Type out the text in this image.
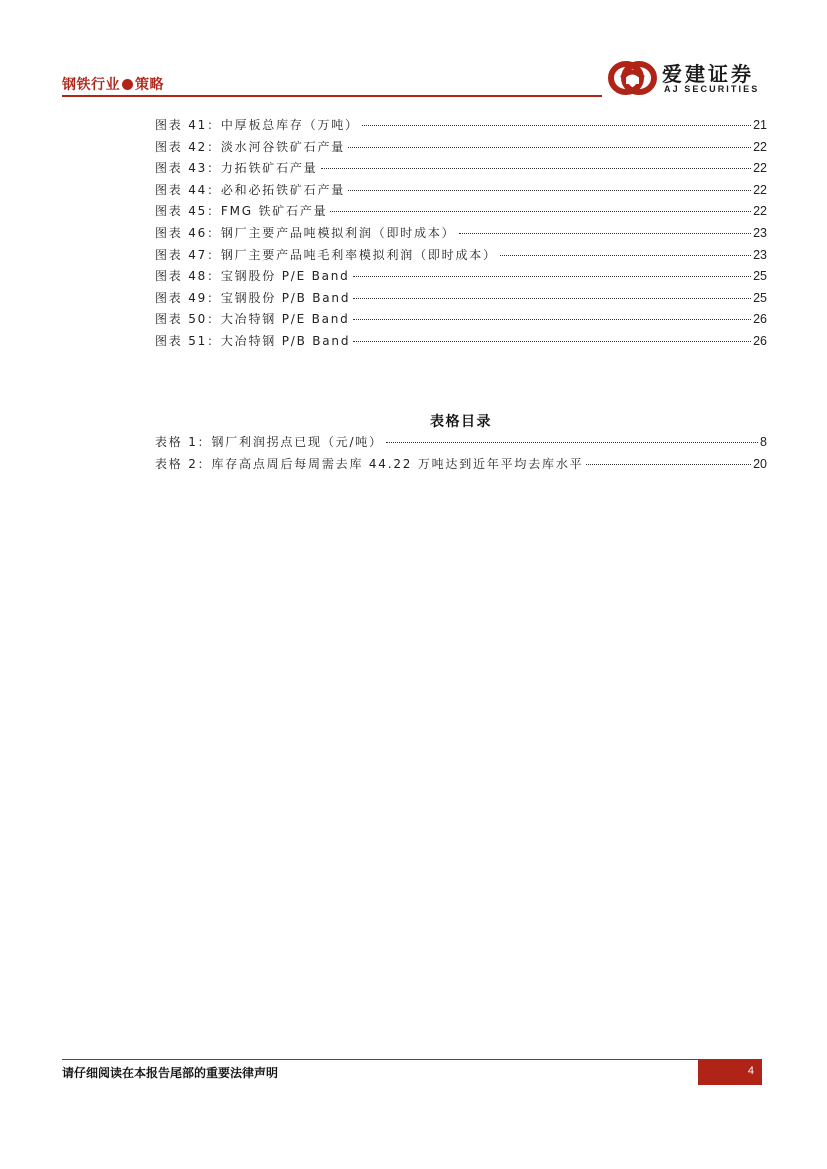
钢铁行业 策略	爱建证券
AJ SECURITIES
图表 41：中厚板总库存（万吨）	21
图表 42：淡水河谷铁矿石产量	22
图表 43：力拓铁矿石产量	22
图表 44：必和必拓铁矿石产量	22
图表 45：FMG 铁矿石产量	22
图表 46：钢厂主要产品吨模拟利润（即时成本）	23
图表 47：钢厂主要产品吨毛利率模拟利润（即时成本）	23
图表 48：宝钢股份 P/E Band	25
图表 49：宝钢股份 P/B Band	25
图表 50：大冶特钢 P/E Band	26
图表 51：大冶特钢 P/B Band	26
表格目录
表格 1：钢厂利润拐点已现（元/吨）	8
表格 2：库存高点周后每周需去库 44.22 万吨达到近年平均去库水平	20
请仔细阅读在本报告尾部的重要法律声明	4
